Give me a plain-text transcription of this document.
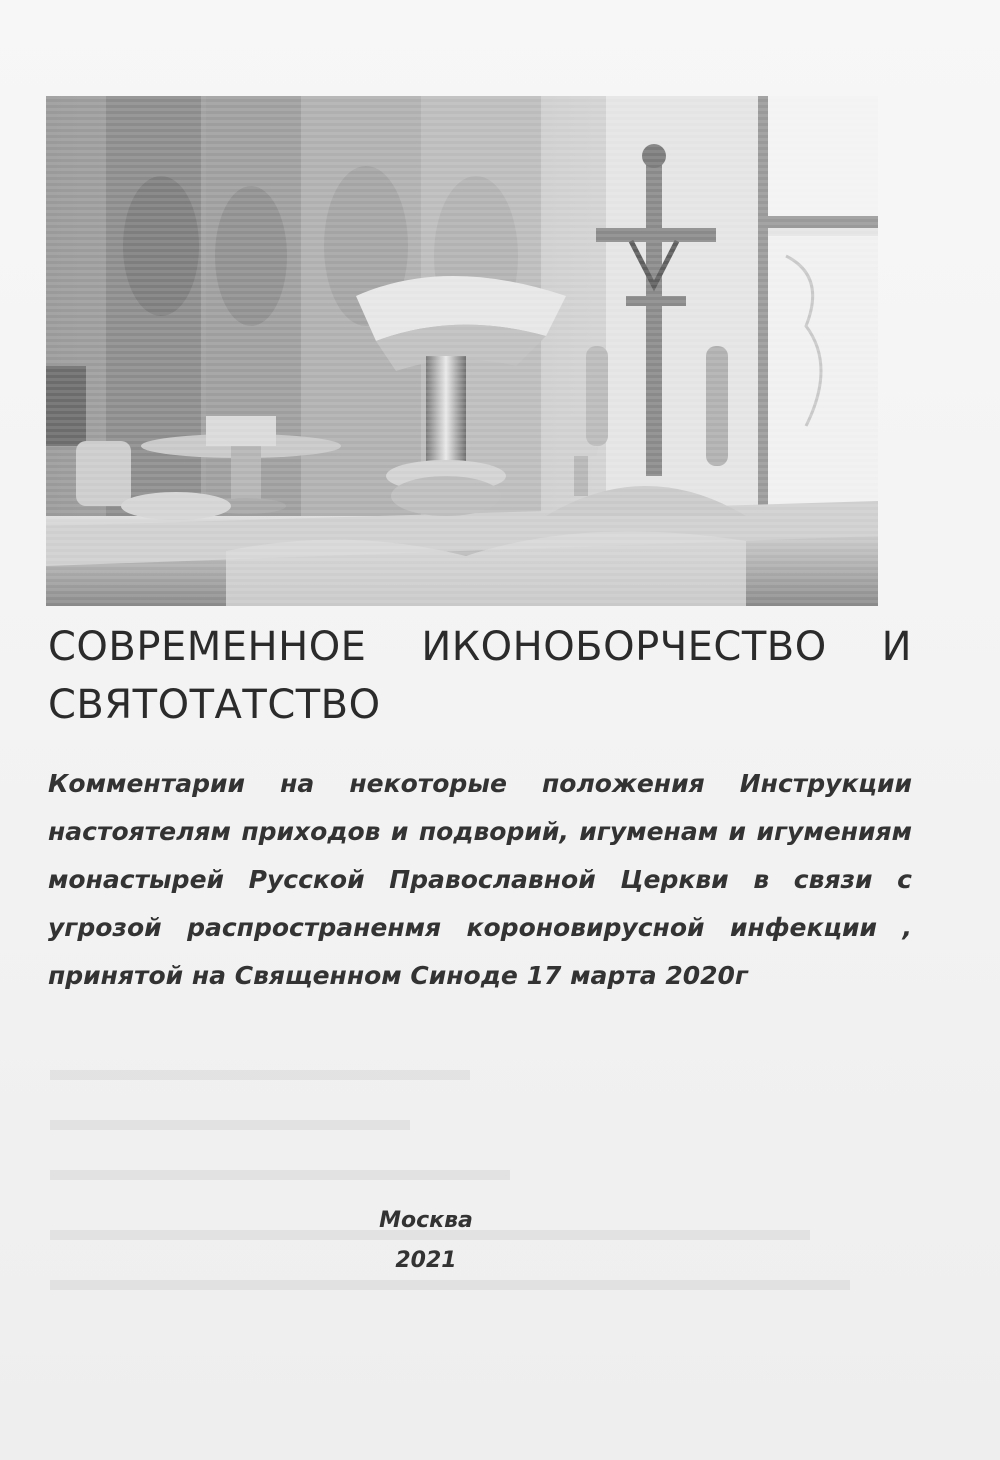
СОВРЕМЕННОЕ ИКОНОБОРЧЕСТВО И СВЯТОТАТСТВО

Комментарии на некоторые положения Инструкции настоятелям приходов и подворий, игуменам и игумениям монастырей Русской Православной Церкви в связи с угрозой распространенмя короновирусной инфекции , принятой на Священном Синоде 17 марта 2020г

Москва
2021
